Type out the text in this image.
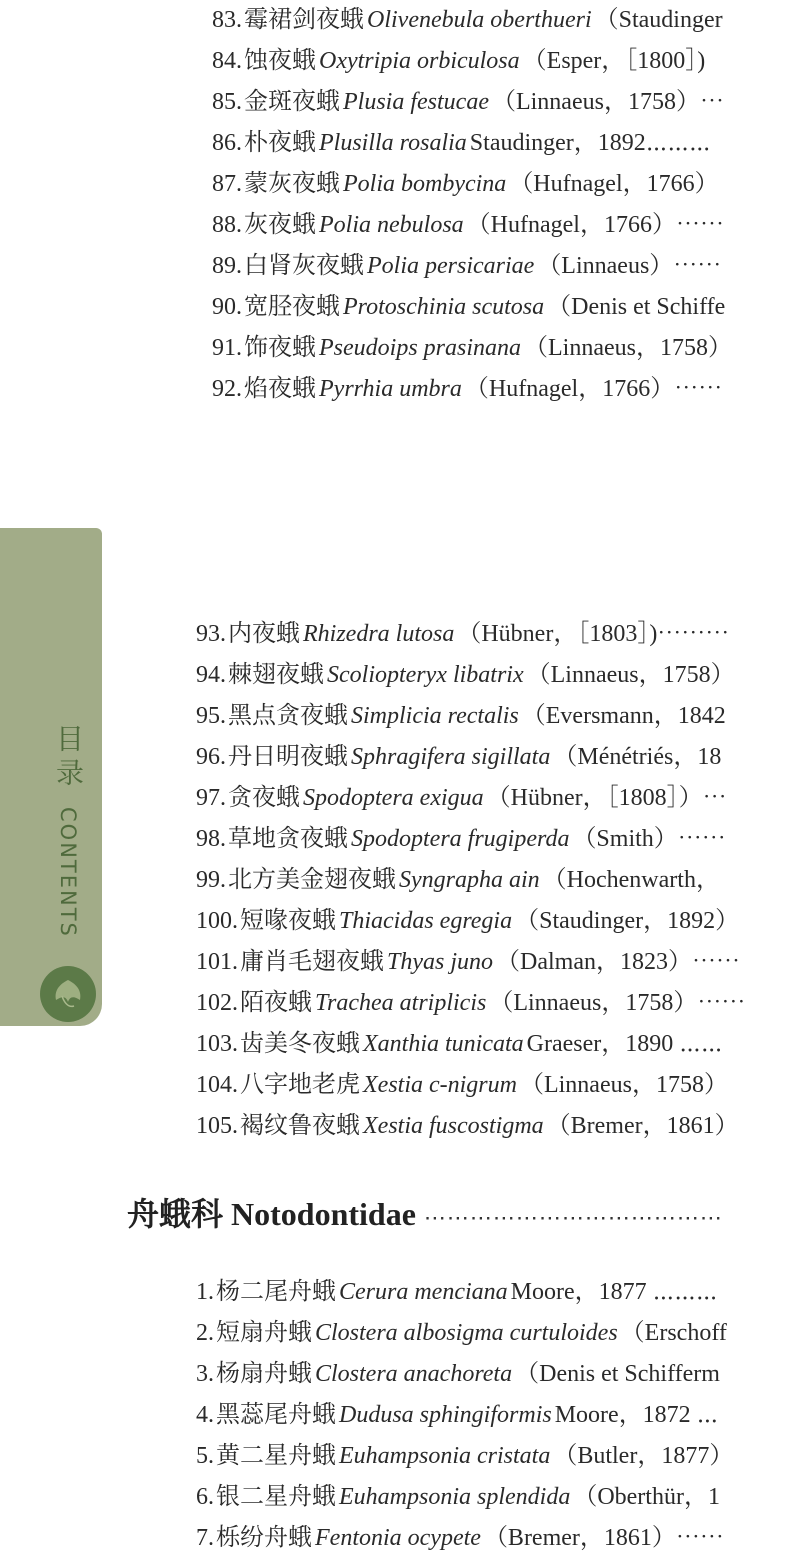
目录 CONTENTS
83.霉裙剑夜蛾 Olivenebula oberthueri （Staudinger
84.蚀夜蛾 Oxytripia orbiculosa （Esper，［1800］)
85.金斑夜蛾 Plusia festucae （Linnaeus，1758）⋯
86.朴夜蛾 Plusilla rosalia Staudinger，1892⋯⋯⋯
87.蒙灰夜蛾 Polia bombycina （Hufnagel，1766）
88.灰夜蛾 Polia nebulosa （Hufnagel，1766）⋯⋯
89.白肾灰夜蛾 Polia persicariae （Linnaeus）⋯⋯
90.宽胫夜蛾 Protoschinia scutosa （Denis et Schiffe
91.饰夜蛾 Pseudoips prasinana （Linnaeus，1758）
92.焰夜蛾 Pyrrhia umbra （Hufnagel，1766）⋯⋯
93.内夜蛾 Rhizedra lutosa （Hübner，［1803］)⋯⋯⋯
94.棘翅夜蛾 Scoliopteryx libatrix （Linnaeus，1758）
95.黑点贪夜蛾 Simplicia rectalis （Eversmann，1842
96.丹日明夜蛾 Sphragifera sigillata （Ménétriés，18
97.贪夜蛾 Spodoptera exigua （Hübner，［1808］）⋯
98.草地贪夜蛾 Spodoptera frugiperda （Smith）⋯⋯
99.北方美金翅夜蛾 Syngrapha ain （Hochenwarth，
100.短喙夜蛾 Thiacidas egregia （Staudinger，1892）
101.庸肖毛翅夜蛾 Thyas juno （Dalman，1823）⋯⋯
102.陌夜蛾 Trachea atriplicis （Linnaeus，1758）⋯⋯
103.齿美冬夜蛾 Xanthia tunicata Graeser，1890 ⋯⋯
104.八字地老虎 Xestia c-nigrum （Linnaeus，1758）
105.褐纹鲁夜蛾 Xestia fuscostigma （Bremer，1861）
舟蛾科 Notodontidae ⋯⋯⋯⋯⋯⋯⋯⋯⋯⋯⋯⋯⋯
1.杨二尾舟蛾 Cerura menciana Moore，1877 ⋯⋯⋯
2.短扇舟蛾 Clostera albosigma curtuloides （Erschoff
3.杨扇舟蛾 Clostera anachoreta （Denis et Schifferm
4.黑蕊尾舟蛾 Dudusa sphingiformis Moore，1872 ⋯
5.黄二星舟蛾 Euhampsonia cristata （Butler，1877）
6.银二星舟蛾 Euhampsonia splendida （Oberthür，1
7.栎纷舟蛾 Fentonia ocypete （Bremer，1861）⋯⋯
